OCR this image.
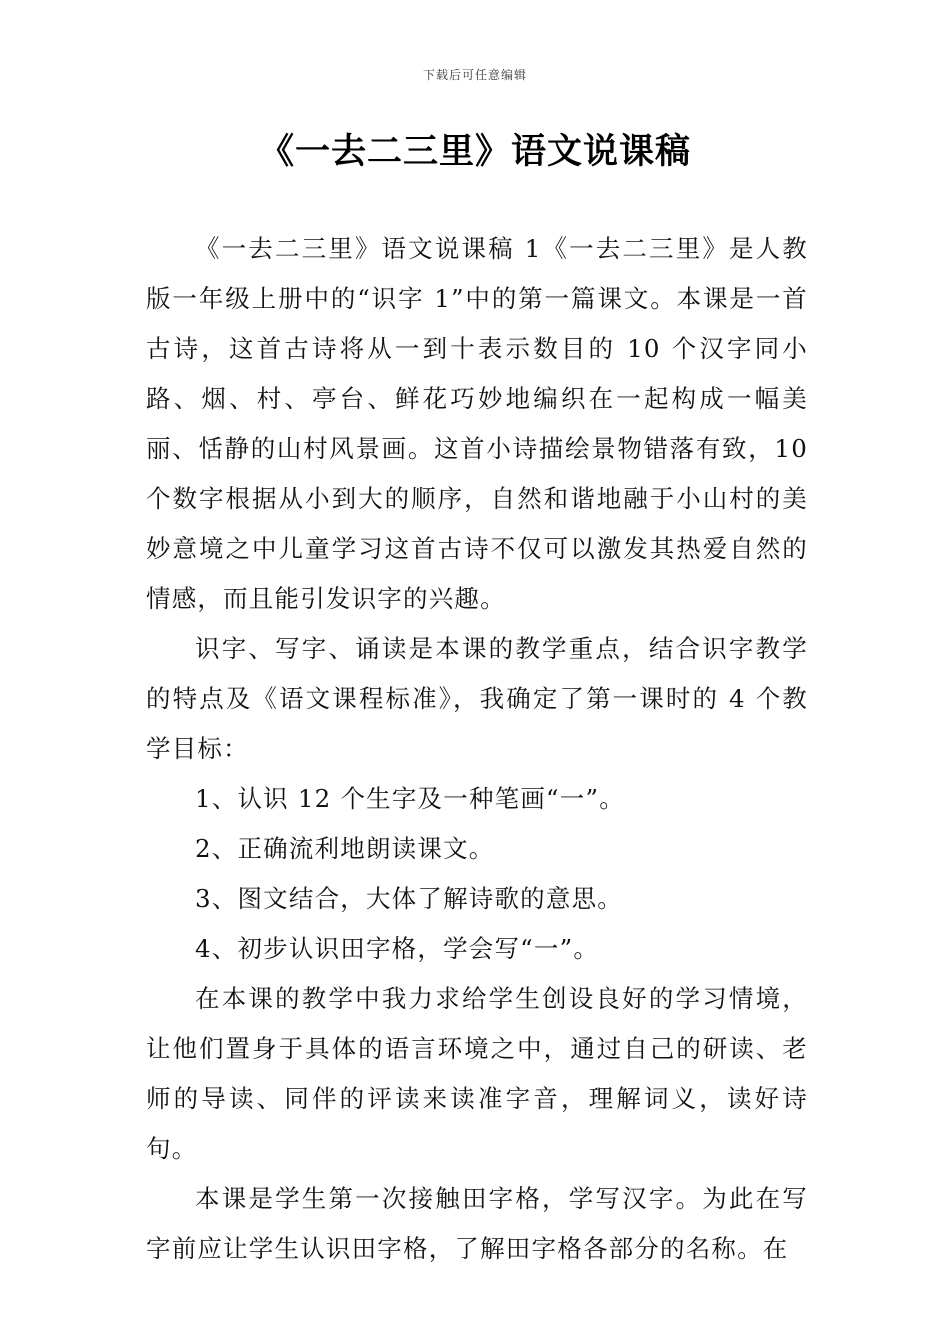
下载后可任意编辑
《一去二三里》语文说课稿

《一去二三里》语文说课稿 1《一去二三里》是人教版一年级上册中的“识字 1”中的第一篇课文。本课是一首古诗，这首古诗将从一到十表示数目的 10 个汉字同小路、烟、村、亭台、鲜花巧妙地编织在一起构成一幅美丽、恬静的山村风景画。这首小诗描绘景物错落有致，10 个数字根据从小到大的顺序，自然和谐地融于小山村的美妙意境之中儿童学习这首古诗不仅可以激发其热爱自然的情感，而且能引发识字的兴趣。

识字、写字、诵读是本课的教学重点，结合识字教学的特点及《语文课程标准》，我确定了第一课时的 4 个教学目标：

1、认识 12 个生字及一种笔画“一”。

2、正确流利地朗读课文。

3、图文结合，大体了解诗歌的意思。

4、初步认识田字格，学会写“一”。

在本课的教学中我力求给学生创设良好的学习情境，让他们置身于具体的语言环境之中，通过自己的研读、老师的导读、同伴的评读来读准字音，理解词义，读好诗句。

本课是学生第一次接触田字格，学写汉字。为此在写字前应让学生认识田字格，了解田字格各部分的名称。在
